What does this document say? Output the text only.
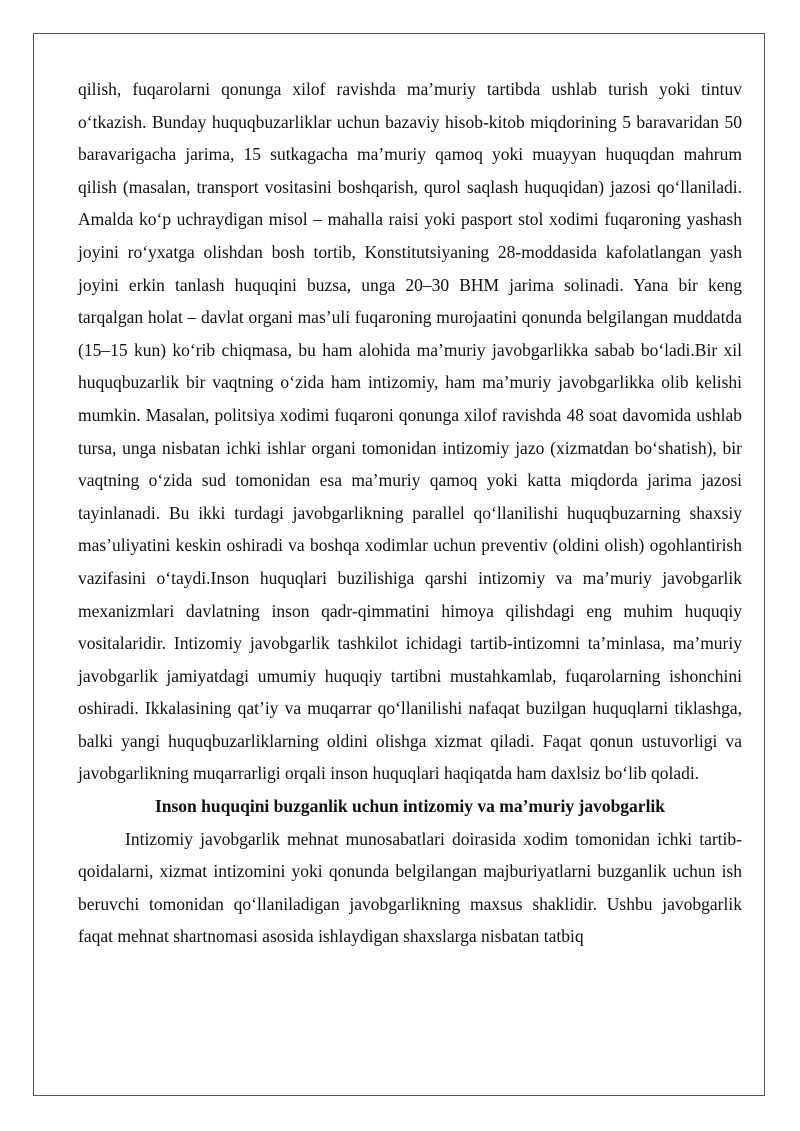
qilish, fuqarolarni qonunga xilof ravishda ma’muriy tartibda ushlab turish yoki tintuv o‘tkazish. Bunday huquqbuzarliklar uchun bazaviy hisob-kitob miqdorining 5 baravaridan 50 baravarigacha jarima, 15 sutkagacha ma’muriy qamoq yoki muayyan huquqdan mahrum qilish (masalan, transport vositasini boshqarish, qurol saqlash huquqidan) jazosi qo‘llaniladi. Amalda ko‘p uchraydigan misol – mahalla raisi yoki pasport stol xodimi fuqaroning yashash joyini ro‘yxatga olishdan bosh tortib, Konstitutsiyaning 28-moddasida kafolatlangan yash joyini erkin tanlash huquqini buzsa, unga 20–30 BHM jarima solinadi. Yana bir keng tarqalgan holat – davlat organi mas’uli fuqaroning murojaatini qonunda belgilangan muddatda (15–15 kun) ko‘rib chiqmasa, bu ham alohida ma’muriy javobgarlikka sabab bo‘ladi.Bir xil huquqbuzarlik bir vaqtning o‘zida ham intizomiy, ham ma’muriy javobgarlikka olib kelishi mumkin. Masalan, politsiya xodimi fuqaroni qonunga xilof ravishda 48 soat davomida ushlab tursa, unga nisbatan ichki ishlar organi tomonidan intizomiy jazo (xizmatdan bo‘shatish), bir vaqtning o‘zida sud tomonidan esa ma’muriy qamoq yoki katta miqdorda jarima jazosi tayinlanadi. Bu ikki turdagi javobgarlikning parallel qo‘llanilishi huquqbuzarning shaxsiy mas’uliyatini keskin oshiradi va boshqa xodimlar uchun preventiv (oldini olish) ogohlantirish vazifasini o‘taydi.Inson huquqlari buzilishiga qarshi intizomiy va ma’muriy javobgarlik mexanizmlari davlatning inson qadr-qimmatini himoya qilishdagi eng muhim huquqiy vositalaridir. Intizomiy javobgarlik tashkilot ichidagi tartib-intizomni ta’minlasa, ma’muriy javobgarlik jamiyatdagi umumiy huquqiy tartibni mustahkamlab, fuqarolarning ishonchini oshiradi. Ikkalasining qat’iy va muqarrar qo‘llanilishi nafaqat buzilgan huquqlarni tiklashga, balki yangi huquqbuzarliklarning oldini olishga xizmat qiladi. Faqat qonun ustuvorligi va javobgarlikning muqarrarligi orqali inson huquqlari haqiqatda ham daxlsiz bo‘lib qoladi.

Inson huquqini buzganlik uchun intizomiy va ma’muriy javobgarlik

Intizomiy javobgarlik mehnat munosabatlari doirasida xodim tomonidan ichki tartib-qoidalarni, xizmat intizomini yoki qonunda belgilangan majburiyatlarni buzganlik uchun ish beruvchi tomonidan qo‘llaniladigan javobgarlikning maxsus shaklidir. Ushbu javobgarlik faqat mehnat shartnomasi asosida ishlaydigan shaxslarga nisbatan tatbiq
